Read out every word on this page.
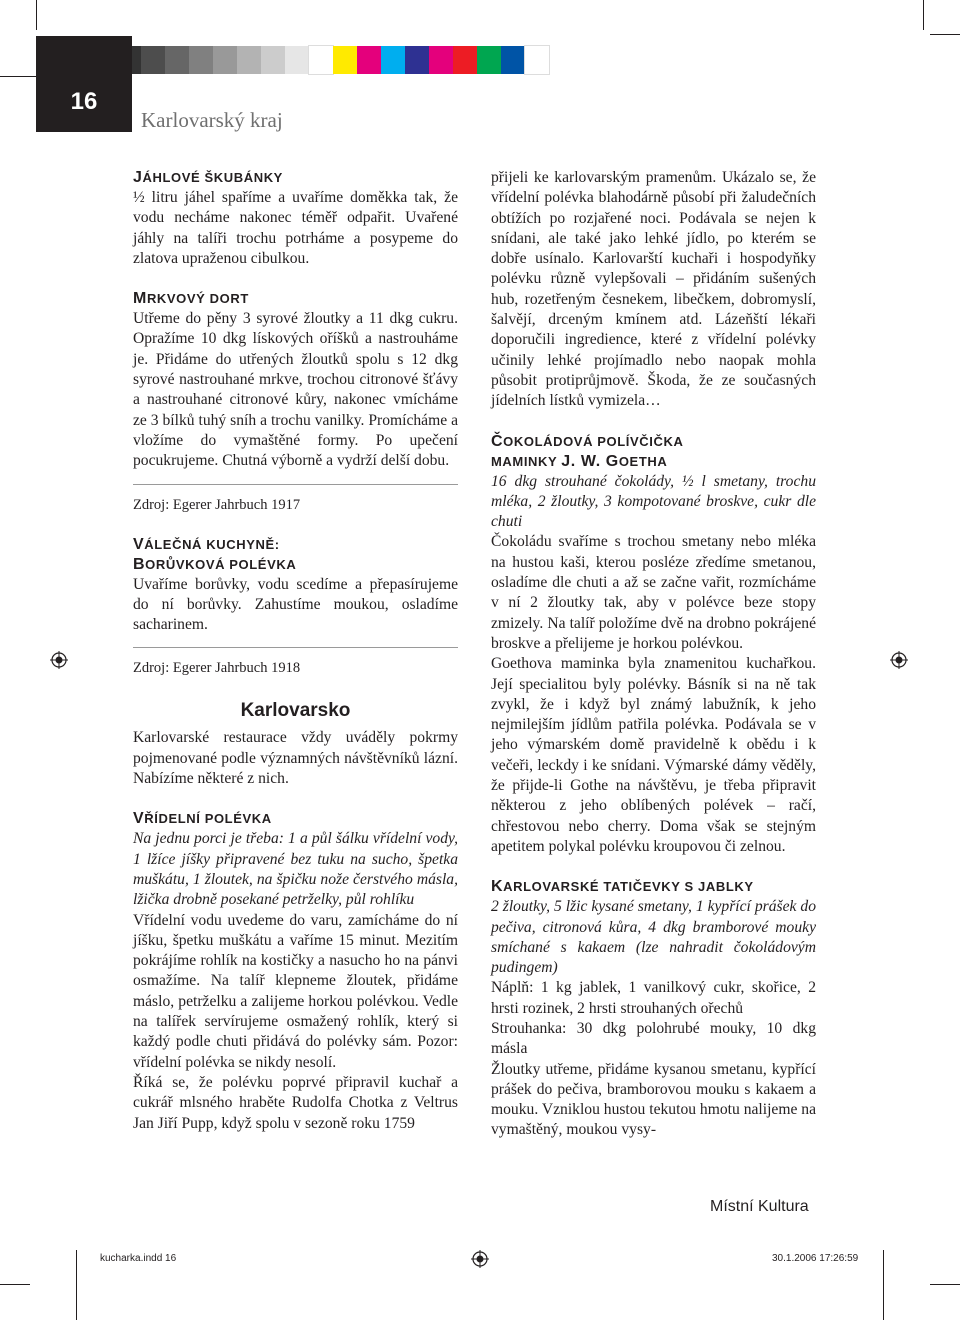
16
Karlovarský kraj
JÁHLOVÉ ŠKUBÁNKY

½ litru jáhel spaříme a uvaříme doměkka tak, že vodu necháme nakonec téměř odpařit. Uvařené jáhly na talíři trochu potrháme a posypeme do zlatova upraženou cibulkou.

MRKVOVÝ DORT

Utřeme do pěny 3 syrové žloutky a 11 dkg cukru. Opražíme 10 dkg lískových oříšků a nastrouháme je. Přidáme do utřených žloutků spolu s 12 dkg syrové nastrouhané mrkve, trochou citronové šťávy a nastrouhané citronové kůry, nakonec vmícháme ze 3 bílků tuhý sníh a trochu vanilky. Promícháme a vložíme do vymaštěné formy. Po upečení pocukrujeme. Chutná výborně a vydrží delší dobu.

Zdroj: Egerer Jahrbuch 1917

VÁLEČNÁ KUCHYNĚ:
BORŮVKOVÁ POLÉVKA

Uvaříme borůvky, vodu scedíme a přepasírujeme do ní borůvky. Zahustíme moukou, osladíme sacharinem.

Zdroj: Egerer Jahrbuch 1918

Karlovarsko

Karlovarské restaurace vždy uváděly pokrmy pojmenované podle významných návštěvníků lázní. Nabízíme některé z nich.

VŘÍDELNÍ POLÉVKA

Na jednu porci je třeba: 1 a půl šálku vřídelní vody, 1 lžíce jíšky připravené bez tuku na sucho, špetka muškátu, 1 žloutek, na špičku nože čerstvého másla, lžička drobně posekané petrželky, půl rohlíku

Vřídelní vodu uvedeme do varu, zamícháme do ní jíšku, špetku muškátu a vaříme 15 minut. Mezitím pokrájíme rohlík na kostičky a nasucho ho na pánvi osmažíme. Na talíř klepneme žloutek, přidáme máslo, petrželku a zalijeme horkou polévkou. Vedle na talířek servírujeme osmažený rohlík, který si každý podle chuti přidává do polévky sám. Pozor: vřídelní polévka se nikdy nesolí.

Říká se, že polévku poprvé připravil kuchař a cukrář mlsného hraběte Rudolfa Chotka z Veltrus Jan Jiří Pupp, když spolu v sezoně roku 1759

přijeli ke karlovarským pramenům. Ukázalo se, že vřídelní polévka blahodárně působí při žaludečních obtížích po rozjařené noci. Podávala se nejen k snídani, ale také jako lehké jídlo, po kterém se dobře usínalo. Karlovarští kuchaři i hospodyňky polévku různě vylepšovali – přidáním sušených hub, rozetřeným česnekem, libečkem, dobromyslí, šalvějí, drceným kmínem atd. Lázeňští lékaři doporučili ingredience, které z vřídelní polévky učinily lehké projímadlo nebo naopak mohla působit protiprůjmově. Škoda, že ze současných jídelních lístků vymizela…

ČOKOLÁDOVÁ POLÍVČIČKA
MAMINKY J. W. GOETHA

16 dkg strouhané čokolády, ½ l smetany, trochu mléka, 2 žloutky, 3 kompotované broskve, cukr dle chuti

Čokoládu svaříme s trochou smetany nebo mléka na hustou kaši, kterou posléze zředíme smetanou, osladíme dle chuti a až se začne vařit, rozmícháme v ní 2 žloutky tak, aby v polévce beze stopy zmizely. Na talíř položíme dvě na drobno pokrájené broskve a přelijeme je horkou polévkou.

Goethova maminka byla znamenitou kuchařkou. Její specialitou byly polévky. Básník si na ně tak zvykl, že i když byl známý labužník, k jeho nejmilejším jídlům patřila polévka. Podávala se v jeho výmarském domě pravidelně k obědu i k večeři, leckdy i ke snídani. Výmarské dámy věděly, že přijde-li Gothe na návštěvu, je třeba připravit některou z jeho oblíbených polévek – račí, chřestovou nebo cherry. Doma však se stejným apetitem polykal polévku kroupovou či zelnou.

KARLOVARSKÉ TATIČEVKY S JABLKY

2 žloutky, 5 lžic kysané smetany, 1 kypřící prášek do pečiva, citronová kůra, 4 dkg bramborové mouky smíchané s kakaem (lze nahradit čokoládovým pudingem)

Náplň: 1 kg jablek, 1 vanilkový cukr, skořice, 2 hrsti rozinek, 2 hrsti strouhaných ořechů

Strouhanka: 30 dkg polohrubé mouky, 10 dkg másla

Žloutky utřeme, přidáme kysanou smetanu, kypřící prášek do pečiva, bramborovou mouku s kakaem a mouku. Vzniklou hustou tekutou hmotu nalijeme na vymaštěný, moukou vysy-

Místní Kultura
kucharka.indd 16	30.1.2006 17:26:59
